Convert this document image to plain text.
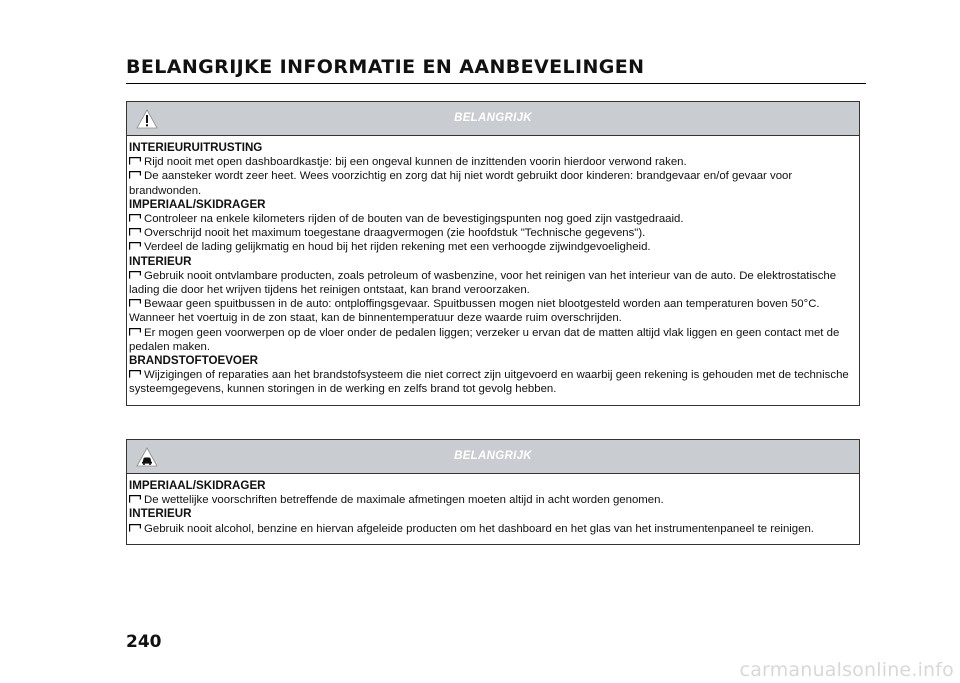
BELANGRIJKE INFORMATIE EN AANBEVELINGEN
BELANGRIJK

INTERIEURUITRUSTING

Rijd nooit met open dashboardkastje: bij een ongeval kunnen de inzittenden voorin hierdoor verwond raken.

De aansteker wordt zeer heet. Wees voorzichtig en zorg dat hij niet wordt gebruikt door kinderen: brandgevaar en/of gevaar voor brandwonden.

IMPERIAAL/SKIDRAGER

Controleer na enkele kilometers rijden of de bouten van de bevestigingspunten nog goed zijn vastgedraaid.

Overschrijd nooit het maximum toegestane draagvermogen (zie hoofdstuk "Technische gegevens").

Verdeel de lading gelijkmatig en houd bij het rijden rekening met een verhoogde zijwindgevoeligheid.

INTERIEUR

Gebruik nooit ontvlambare producten, zoals petroleum of wasbenzine, voor het reinigen van het interieur van de auto. De elektrostatische lading die door het wrijven tijdens het reinigen ontstaat, kan brand veroorzaken.

Bewaar geen spuitbussen in de auto: ontploffingsgevaar. Spuitbussen mogen niet blootgesteld worden aan temperaturen boven 50°C. Wanneer het voertuig in de zon staat, kan de binnentemperatuur deze waarde ruim overschrijden.

Er mogen geen voorwerpen op de vloer onder de pedalen liggen; verzeker u ervan dat de matten altijd vlak liggen en geen contact met de pedalen maken.

BRANDSTOFTOEVOER

Wijzigingen of reparaties aan het brandstofsysteem die niet correct zijn uitgevoerd en waarbij geen rekening is gehouden met de technische systeemgegevens, kunnen storingen in de werking en zelfs brand tot gevolg hebben.

BELANGRIJK

IMPERIAAL/SKIDRAGER

De wettelijke voorschriften betreffende de maximale afmetingen moeten altijd in acht worden genomen.

INTERIEUR

Gebruik nooit alcohol, benzine en hiervan afgeleide producten om het dashboard en het glas van het instrumentenpaneel te reinigen.

240
carmanualsonline.info
